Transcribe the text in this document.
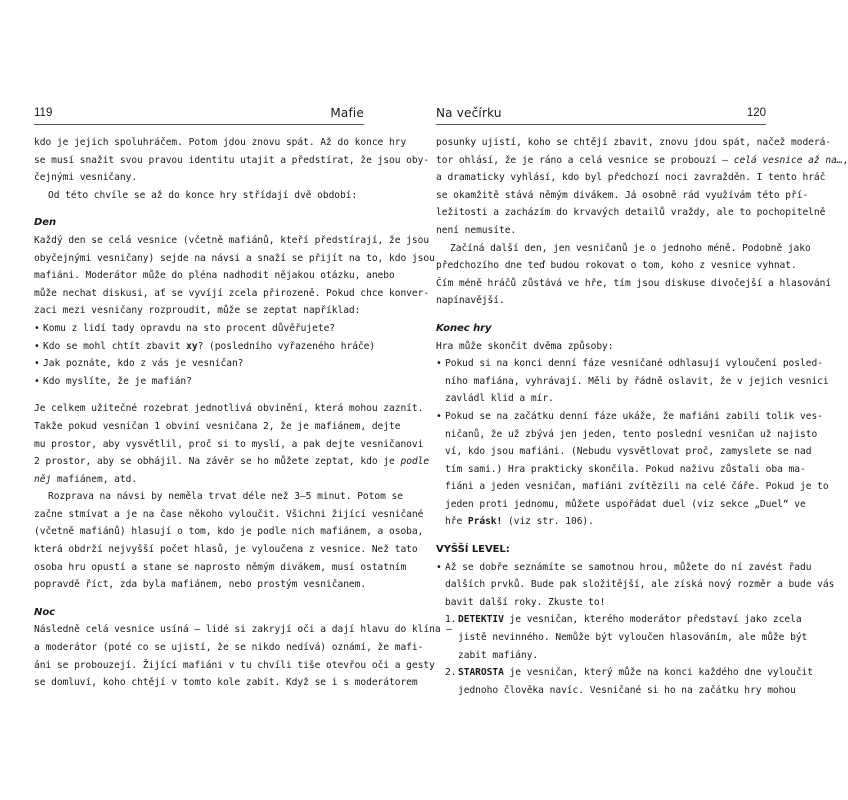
119	Mafie

kdo je jejich spoluhráčem. Potom jdou znovu spát. Až do konce hry

se musí snažit svou pravou identitu utajit a předstírat, že jsou oby-

čejnými vesničany.

Od této chvíle se až do konce hry střídají dvě období:

Den

Každý den se celá vesnice (včetně mafiánů, kteří předstírají, že jsou

obyčejnými vesničany) sejde na návsi a snaží se přijít na to, kdo jsou

mafiáni. Moderátor může do pléna nadhodit nějakou otázku, anebo

může nechat diskusi, ať se vyvíjí zcela přirozeně. Pokud chce konver-

zaci mezi vesničany rozproudit, může se zeptat například:

• Komu z lidí tady opravdu na sto procent důvěřujete?

• Kdo se mohl chtít zbavit xy? (posledního vyřazeného hráče)

• Jak poznáte, kdo z vás je vesničan?

• Kdo myslíte, že je mafián?

Je celkem užitečné rozebrat jednotlivá obvinění, která mohou zaznít.

Takže pokud vesničan 1 obviní vesničana 2, že je mafiánem, dejte

mu prostor, aby vysvětlil, proč si to myslí, a pak dejte vesničanovi

2 prostor, aby se obhájil. Na závěr se ho můžete zeptat, kdo je podle

něj mafiánem, atd.

Rozprava na návsi by neměla trvat déle než 3–5 minut. Potom se

začne stmívat a je na čase někoho vyloučit. Všichni žijící vesničané

(včetně mafiánů) hlasují o tom, kdo je podle nich mafiánem, a osoba,

která obdrží nejvyšší počet hlasů, je vyloučena z vesnice. Než tato

osoba hru opustí a stane se naprosto němým divákem, musí ostatním

popravdě říct, zda byla mafiánem, nebo prostým vesničanem.

Noc

Následně celá vesnice usíná – lidé si zakryjí oči a dají hlavu do klína –

a moderátor (poté co se ujistí, že se nikdo nedívá) oznámí, že mafi-

áni se probouzejí. Žijící mafiáni v tu chvíli tiše otevřou oči a gesty

se domluví, koho chtějí v tomto kole zabít. Když se i s moderátorem

Na večírku	120

posunky ujistí, koho se chtějí zbavit, znovu jdou spát, načež moderá-

tor ohlásí, že je ráno a celá vesnice se probouzí – celá vesnice až na…,

a dramaticky vyhlásí, kdo byl předchozí noci zavražděn. I tento hráč

se okamžitě stává němým divákem. Já osobně rád využívám této pří-

ležitosti a zacházím do krvavých detailů vraždy, ale to pochopitelně

není nemusíte.

Začíná další den, jen vesničanů je o jednoho méně. Podobně jako

předchozího dne teď budou rokovat o tom, koho z vesnice vyhnat.

Čím méně hráčů zůstává ve hře, tím jsou diskuse divočejší a hlasování

napínavější.

Konec hry

Hra může skončit dvěma způsoby:

• Pokud si na konci denní fáze vesničané odhlasují vyloučení posled-

ního mafiána, vyhrávají. Měli by řádně oslavit, že v jejich vesnici

zavládl klid a mír.

• Pokud se na začátku denní fáze ukáže, že mafiáni zabili tolik ves-

ničanů, že už zbývá jen jeden, tento poslední vesničan už najisto

ví, kdo jsou mafiáni. (Nebudu vysvětlovat proč, zamyslete se nad

tím sami.) Hra prakticky skončila. Pokud naživu zůstali oba ma-

fiáni a jeden vesničan, mafiáni zvítězili na celé čáře. Pokud je to

jeden proti jednomu, můžete uspořádat duel (viz sekce „Duel“ ve

hře Prásk! (viz str. 106).

VYŠŠÍ LEVEL:

• Až se dobře seznámíte se samotnou hrou, můžete do ní zavést řadu

dalších prvků. Bude pak složitější, ale získá nový rozměr a bude vás

bavit další roky. Zkuste to!

1. DETEKTIV je vesničan, kterého moderátor představí jako zcela

jistě nevinného. Nemůže být vyloučen hlasováním, ale může být

zabit mafiány.

2. STAROSTA je vesničan, který může na konci každého dne vyloučit

jednoho člověka navíc. Vesničané si ho na začátku hry mohou
